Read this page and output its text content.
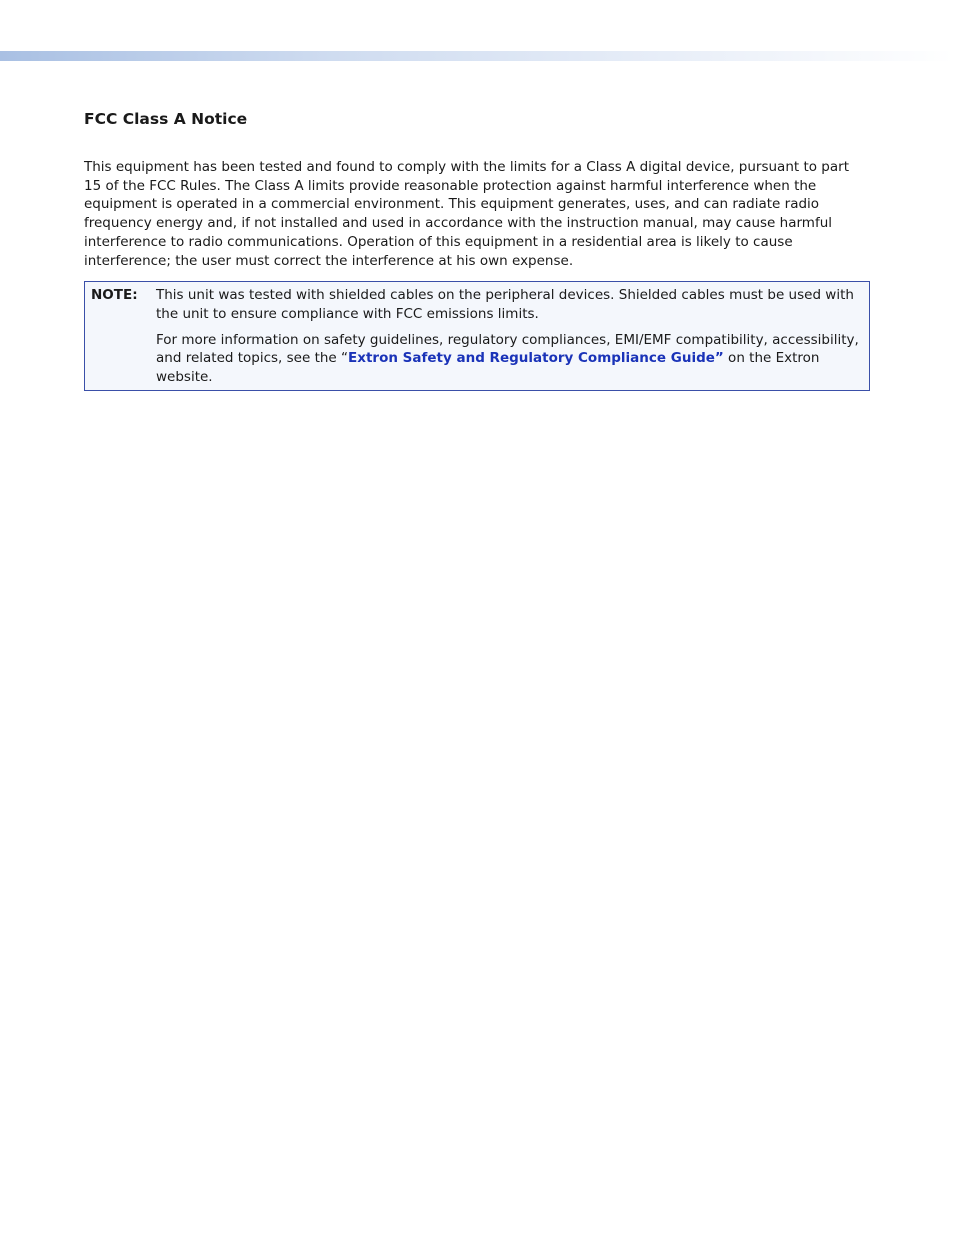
FCC Class A Notice

This equipment has been tested and found to comply with the limits for a Class A digital device, pursuant to part 15 of the FCC Rules. The Class A limits provide reasonable protection against harmful interference when the equipment is operated in a commercial environment. This equipment generates, uses, and can radiate radio frequency energy and, if not installed and used in accordance with the instruction manual, may cause harmful interference to radio communications. Operation of this equipment in a residential area is likely to cause interference; the user must correct the interference at his own expense.

NOTE:	This unit was tested with shielded cables on the peripheral devices. Shielded cables must be used with the unit to ensure compliance with FCC emissions limits.

For more information on safety guidelines, regulatory compliances, EMI/EMF compatibility, accessibility, and related topics, see the “Extron Safety and Regulatory Compliance Guide” on the Extron website.
